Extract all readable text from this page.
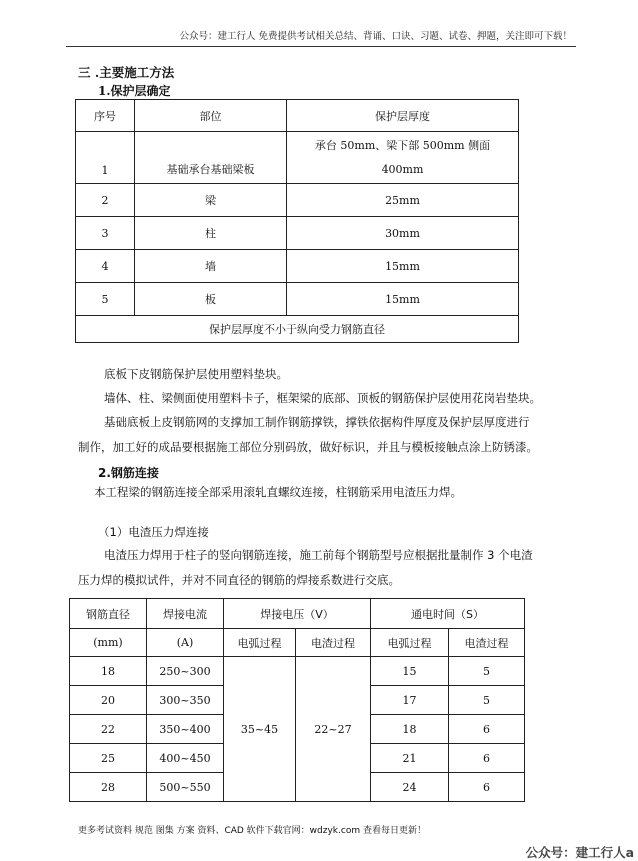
公众号：建工行人 免费提供考试相关总结、背诵、口诀、习题、试卷、押题，关注即可下载！
三 .主要施工方法
1.保护层确定
序号	部位	保护层厚度
1	基础承台基础梁板	承台 50mm、梁下部 500mm 侧面
400mm

2	梁	25mm
3	柱	30mm
4	墙	15mm
5	板	15mm
保护层厚度不小于纵向受力钢筋直径		
底板下皮钢筋保护层使用塑料垫块。
墙体、柱、梁侧面使用塑料卡子，框架梁的底部、顶板的钢筋保护层使用花岗岩垫块。
基础底板上皮钢筋网的支撑加工制作钢筋撑铁，撑铁依据构件厚度及保护层厚度进行制作，加工好的成品要根据施工部位分别码放，做好标识，并且与模板接触点涂上防锈漆。
2.钢筋连接
本工程梁的钢筋连接全部采用滚轧直螺纹连接，柱钢筋采用电渣压力焊。
（1）电渣压力焊连接
电渣压力焊用于柱子的竖向钢筋连接，施工前每个钢筋型号应根据批量制作 3 个电渣压力焊的模拟试件，并对不同直径的钢筋的焊接系数进行交底。
钢筋直径	焊接电流	焊接电压（V）		通电时间（S）	
(mm)	(A)	电弧过程	电渣过程	电弧过程	电渣过程
18	250~300	35~45	22~27	15	5
20	300~350			17	5
22	350~400			18	6
25	400~450			21	6
28	500~550			24	6
更多考试资料 规范 图集 方案 资料、CAD 软件下载官网：wdzyk.com 查看每日更新！
公众号：建工行人a
